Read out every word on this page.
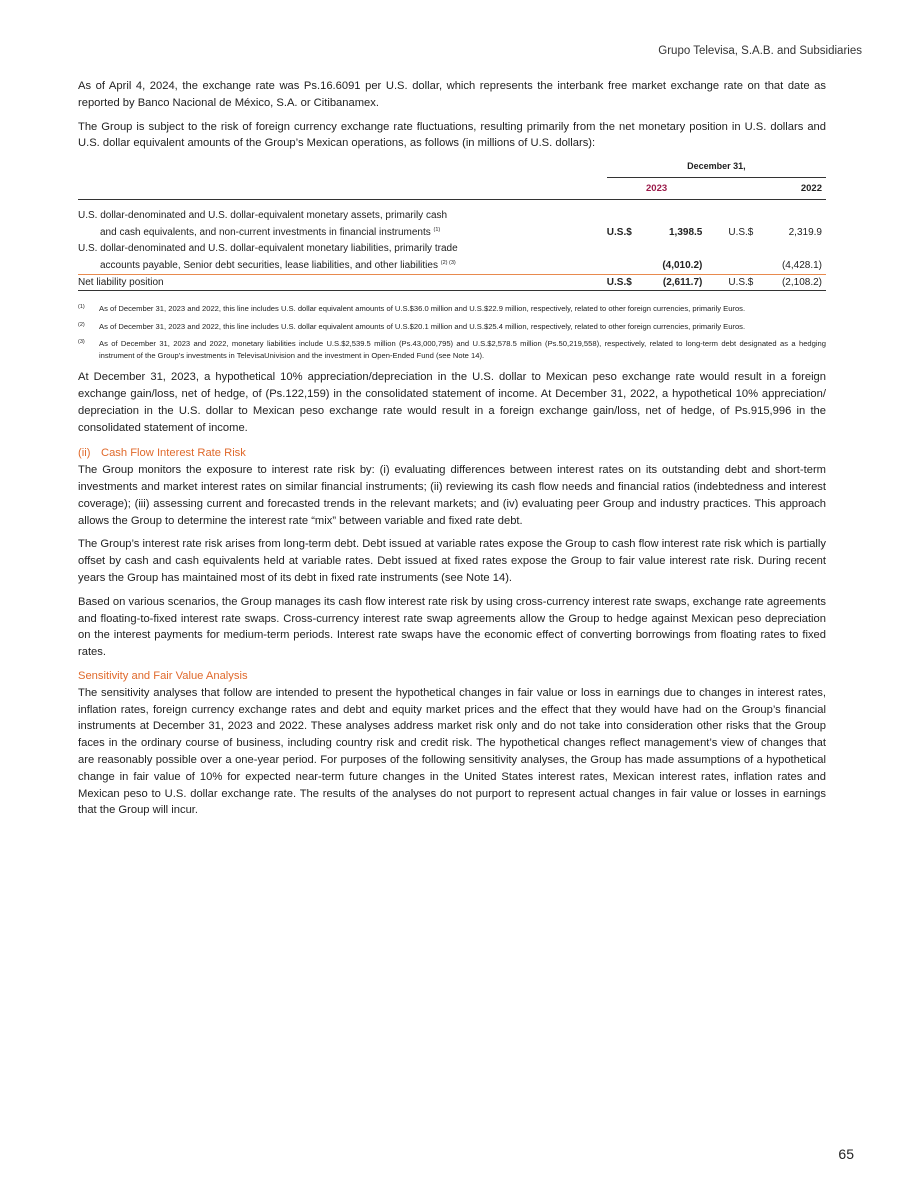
Grupo Televisa, S.A.B. and Subsidiaries

As of April 4, 2024, the exchange rate was Ps.16.6091 per U.S. dollar, which represents the interbank free market exchange rate on that date as reported by Banco Nacional de México, S.A. or Citibanamex.

The Group is subject to the risk of foreign currency exchange rate fluctuations, resulting primarily from the net monetary position in U.S. dollars and U.S. dollar equivalent amounts of the Group’s Mexican operations, as follows (in millions of U.S. dollars):

	December 31,			
	2023		2022	

U.S. dollar-denominated and U.S. dollar-equivalent monetary assets, primarily cash				
and cash equivalents, and non-current investments in financial instruments $^{(1)}$	U.S.$	1,398.5	U.S.$	2,319.9
U.S. dollar-denominated and U.S. dollar-equivalent monetary liabilities, primarily trade				
accounts payable, Senior debt securities, lease liabilities, and other liabilities $^{(2) (3)}$		(4,010.2)		(4,428.1)
Net liability position	U.S.$	(2,611.7)	U.S.$	(2,108.2)
(1)	As of December 31, 2023 and 2022, this line includes U.S. dollar equivalent amounts of U.S.$36.0 million and U.S.$22.9 million, respectively, related to other foreign currencies, primarily Euros.
(2)	As of December 31, 2023 and 2022, this line includes U.S. dollar equivalent amounts of U.S.$20.1 million and U.S.$25.4 million, respectively, related to other foreign currencies, primarily Euros.
(3)	As of December 31, 2023 and 2022, monetary liabilities include U.S.$2,539.5 million (Ps.43,000,795) and U.S.$2,578.5 million (Ps.50,219,558), respectively, related to long-term debt designated as a hedging instrument of the Group’s investments in TelevisaUnivision and the investment in Open-Ended Fund (see Note 14).

At December 31, 2023, a hypothetical 10% appreciation/depreciation in the U.S. dollar to Mexican peso exchange rate would result in a foreign exchange gain/loss, net of hedge, of (Ps.122,159) in the consolidated statement of income. At December 31, 2022, a hypothetical 10% appreciation/ depreciation in the U.S. dollar to Mexican peso exchange rate would result in a foreign exchange gain/loss, net of hedge, of Ps.915,996 in the consolidated statement of income.

(ii) Cash Flow Interest Rate Risk

The Group monitors the exposure to interest rate risk by: (i) evaluating differences between interest rates on its outstanding debt and short-term investments and market interest rates on similar financial instruments; (ii) reviewing its cash flow needs and financial ratios (indebtedness and interest coverage); (iii) assessing current and forecasted trends in the relevant markets; and (iv) evaluating peer Group and industry practices. This approach allows the Group to determine the interest rate “mix” between variable and fixed rate debt.

The Group’s interest rate risk arises from long-term debt. Debt issued at variable rates expose the Group to cash flow interest rate risk which is partially offset by cash and cash equivalents held at variable rates. Debt issued at fixed rates expose the Group to fair value interest rate risk. During recent years the Group has maintained most of its debt in fixed rate instruments (see Note 14).

Based on various scenarios, the Group manages its cash flow interest rate risk by using cross-currency interest rate swaps, exchange rate agreements and floating-to-fixed interest rate swaps. Cross-currency interest rate swap agreements allow the Group to hedge against Mexican peso depreciation on the interest payments for medium-term periods. Interest rate swaps have the economic effect of converting borrowings from floating rates to fixed rates.

Sensitivity and Fair Value Analysis

The sensitivity analyses that follow are intended to present the hypothetical changes in fair value or loss in earnings due to changes in interest rates, inflation rates, foreign currency exchange rates and debt and equity market prices and the effect that they would have had on the Group’s financial instruments at December 31, 2023 and 2022. These analyses address market risk only and do not take into consideration other risks that the Group faces in the ordinary course of business, including country risk and credit risk. The hypothetical changes reflect management’s view of changes that are reasonably possible over a one-year period. For purposes of the following sensitivity analyses, the Group has made assumptions of a hypothetical change in fair value of 10% for expected near-term future changes in the United States interest rates, Mexican interest rates, inflation rates and Mexican peso to U.S. dollar exchange rate. The results of the analyses do not purport to represent actual changes in fair value or losses in earnings that the Group will incur.

65
